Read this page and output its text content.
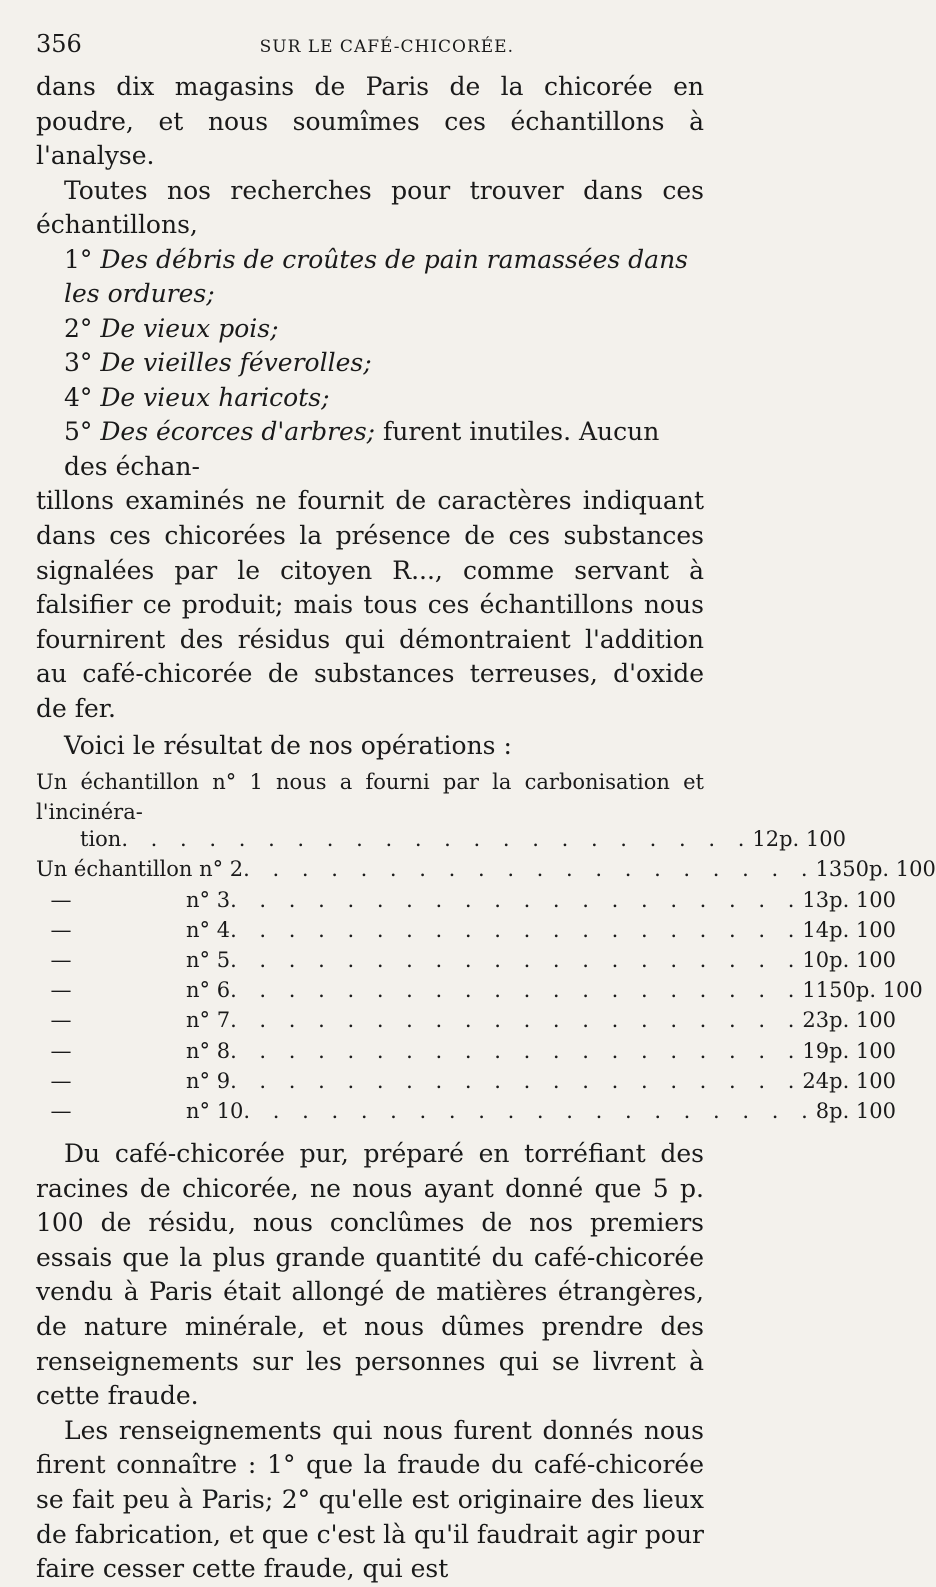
356	SUR LE CAFÉ-CHICORÉE.

dans dix magasins de Paris de la chicorée en poudre, et nous soumîmes ces échantillons à l'analyse.

Toutes nos recherches pour trouver dans ces échantillons,

1° Des débris de croûtes de pain ramassées dans les ordures;
2° De vieux pois;
3° De vieilles féverolles;
4° De vieux haricots;
5° Des écorces d'arbres; furent inutiles. Aucun des échan-

tillons examinés ne fournit de caractères indiquant dans ces chicorées la présence de ces substances signalées par le citoyen R..., comme servant à falsifier ce produit; mais tous ces échantillons nous fournirent des résidus qui démontraient l'addition au café-chicorée de substances terreuses, d'oxide de fer.

Voici le résultat de nos opérations :

Un échantillon n° 1 nous a fourni par la carbonisation et l'incinéra-
tion . . . . . . . . . . . . . . . . . . . . . . 12 p. 100
Un échantillon n° 2 . . . . . . . . . . . . . . . . . . . . 13 50 p. 100
—	n° 3 . . . . . . . . . . . . . . . . . . . . 13 p. 100
—	n° 4 . . . . . . . . . . . . . . . . . . . . 14 p. 100
—	n° 5 . . . . . . . . . . . . . . . . . . . . 10 p. 100
—	n° 6 . . . . . . . . . . . . . . . . . . . . 11 50 p. 100
—	n° 7 . . . . . . . . . . . . . . . . . . . . 23 p. 100
—	n° 8 . . . . . . . . . . . . . . . . . . . . 19 p. 100
—	n° 9 . . . . . . . . . . . . . . . . . . . . 24 p. 100
—	n° 10 . . . . . . . . . . . . . . . . . . . . 8 p. 100

Du café-chicorée pur, préparé en torréfiant des racines de chicorée, ne nous ayant donné que 5 p. 100 de résidu, nous conclûmes de nos premiers essais que la plus grande quantité du café-chicorée vendu à Paris était allongé de matières étrangères, de nature minérale, et nous dûmes prendre des renseignements sur les personnes qui se livrent à cette fraude.

Les renseignements qui nous furent donnés nous firent connaître : 1° que la fraude du café-chicorée se fait peu à Paris; 2° qu'elle est originaire des lieux de fabrication, et que c'est là qu'il faudrait agir pour faire cesser cette fraude, qui est
